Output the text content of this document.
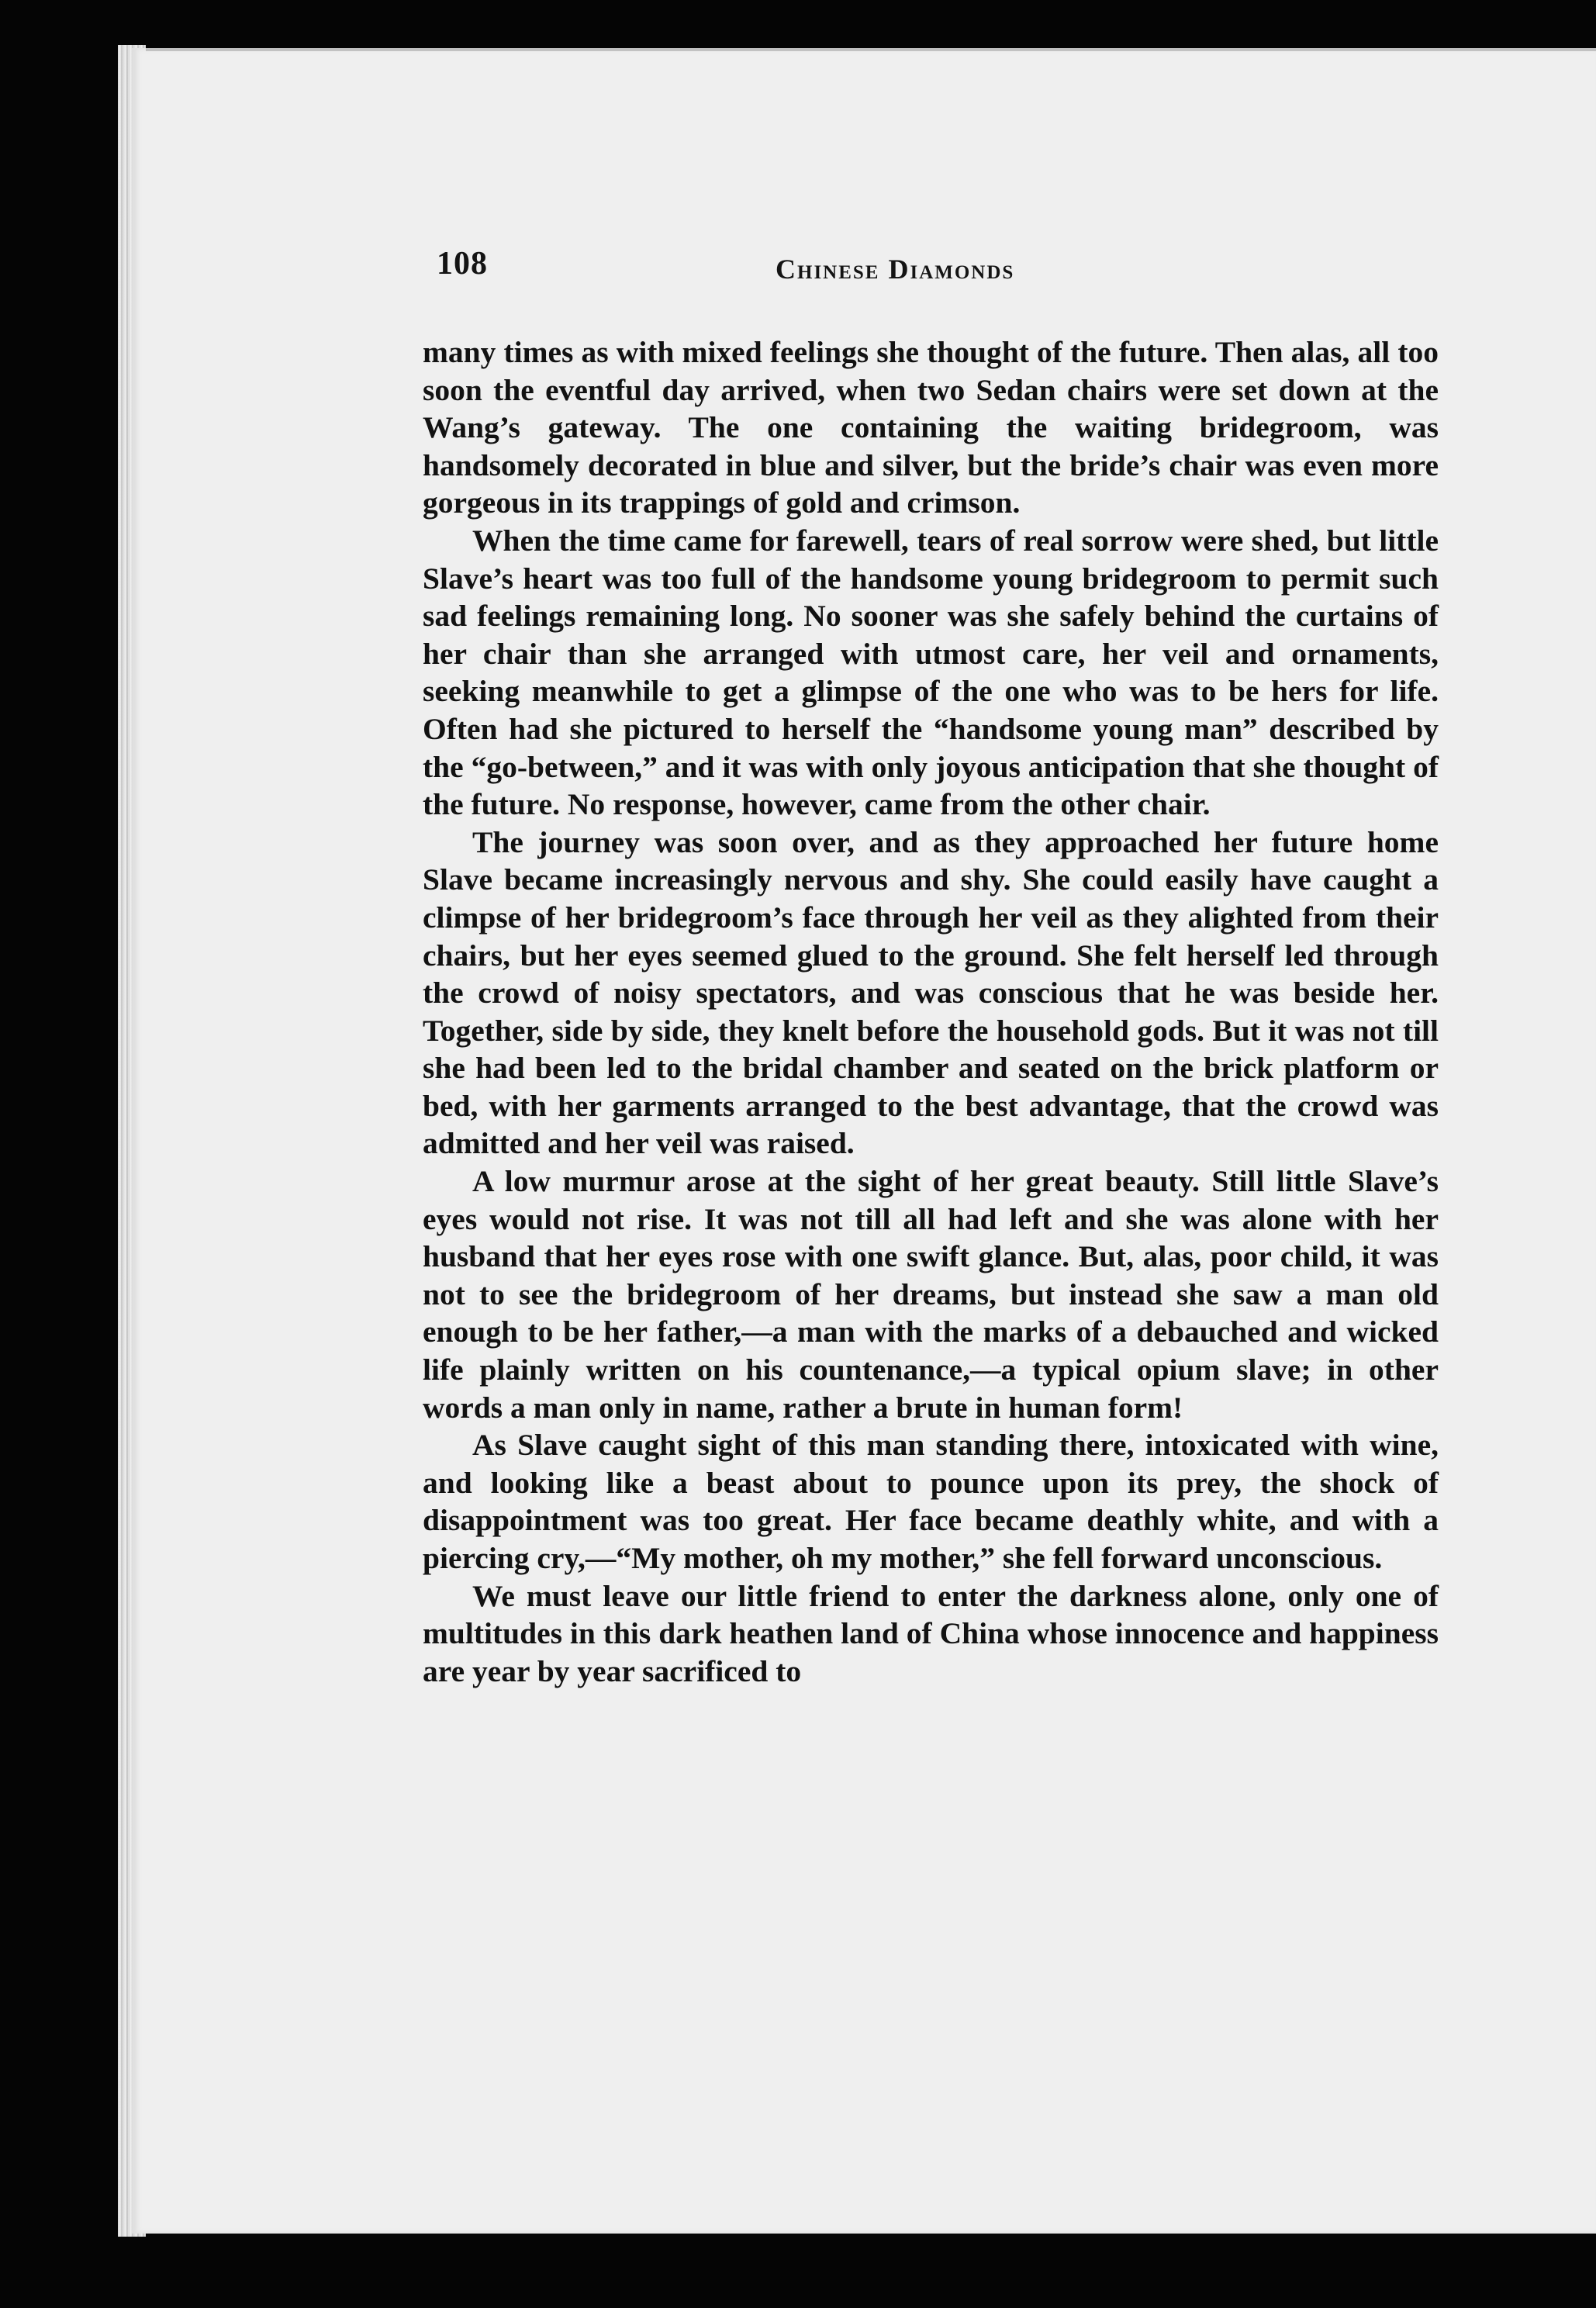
108	Chinese Diamonds

many times as with mixed feelings she thought of the future. Then alas, all too soon the eventful day arrived, when two Sedan chairs were set down at the Wang’s gateway. The one containing the waiting bridegroom, was handsomely decorated in blue and silver, but the bride’s chair was even more gorgeous in its trappings of gold and crimson.

When the time came for farewell, tears of real sorrow were shed, but little Slave’s heart was too full of the handsome young bridegroom to permit such sad feelings remaining long. No sooner was she safely behind the curtains of her chair than she arranged with utmost care, her veil and ornaments, seeking meanwhile to get a glimpse of the one who was to be hers for life. Often had she pictured to herself the “handsome young man” described by the “go-between,” and it was with only joyous anticipation that she thought of the future. No response, however, came from the other chair.

The journey was soon over, and as they approached her future home Slave became increasingly nervous and shy. She could easily have caught a climpse of her bridegroom’s face through her veil as they alighted from their chairs, but her eyes seemed glued to the ground. She felt herself led through the crowd of noisy spectators, and was conscious that he was beside her. Together, side by side, they knelt before the household gods. But it was not till she had been led to the bridal chamber and seated on the brick platform or bed, with her garments arranged to the best advantage, that the crowd was admitted and her veil was raised.

A low murmur arose at the sight of her great beauty. Still little Slave’s eyes would not rise. It was not till all had left and she was alone with her husband that her eyes rose with one swift glance. But, alas, poor child, it was not to see the bridegroom of her dreams, but instead she saw a man old enough to be her father,—a man with the marks of a debauched and wicked life plainly written on his countenance,—a typical opium slave; in other words a man only in name, rather a brute in human form!

As Slave caught sight of this man standing there, intoxicated with wine, and looking like a beast about to pounce upon its prey, the shock of disappointment was too great. Her face became deathly white, and with a piercing cry,—“My mother, oh my mother,” she fell forward unconscious.

We must leave our little friend to enter the darkness alone, only one of multitudes in this dark heathen land of China whose innocence and happiness are year by year sacrificed to
